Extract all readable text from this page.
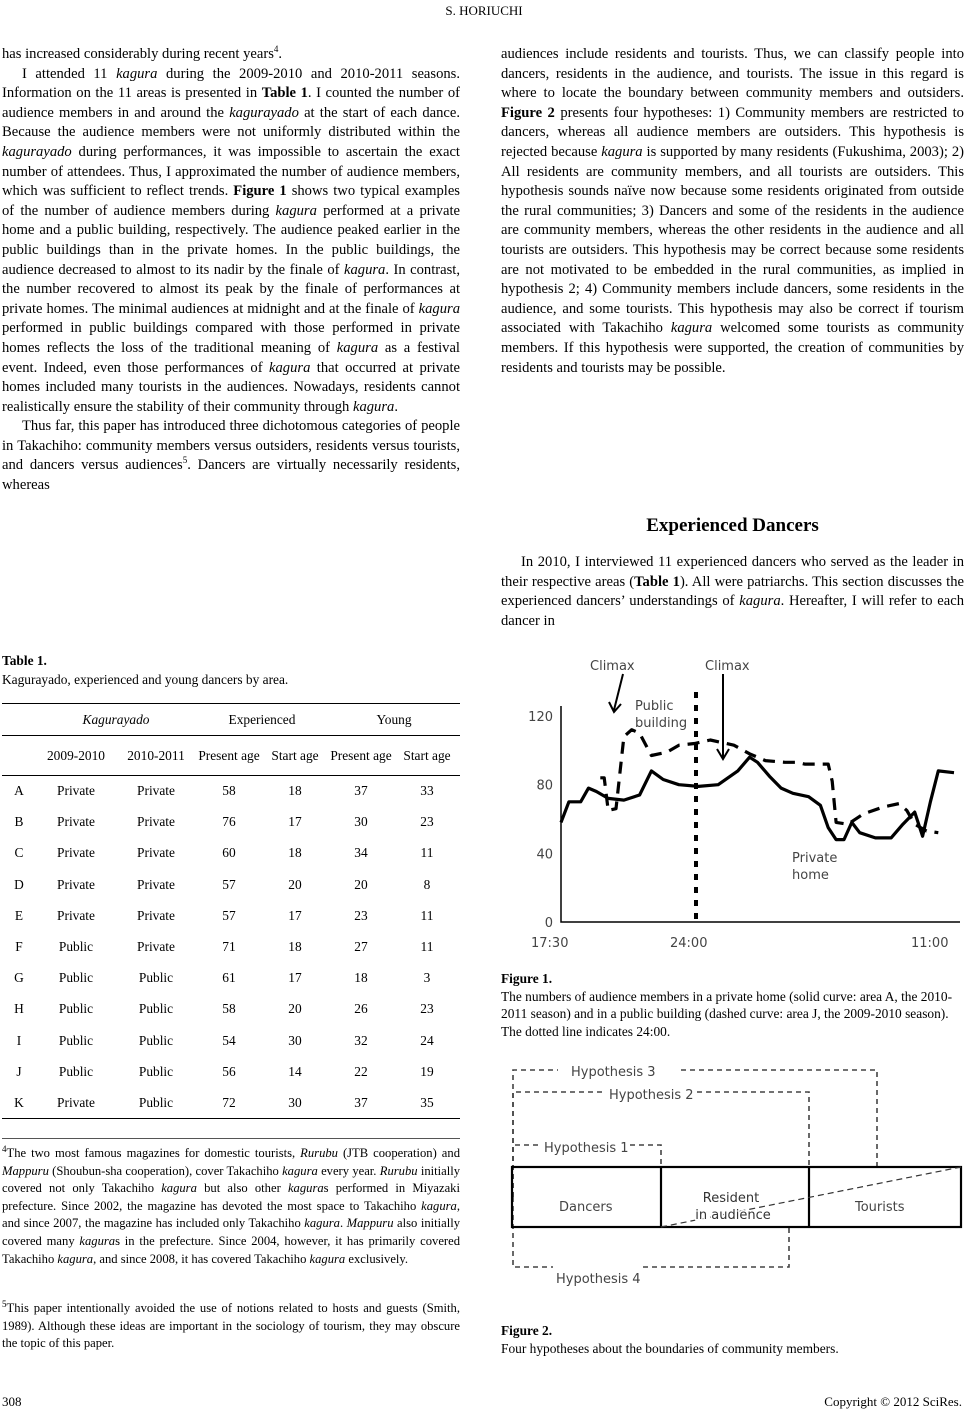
S. HORIUCHI

has increased considerably during recent years$^4$.

I attended 11 kagura during the 2009-2010 and 2010-2011 seasons. Information on the 11 areas is presented in Table 1. I counted the number of audience members in and around the kagurayado at the start of each dance. Because the audience members were not uniformly distributed within the kagurayado during performances, it was impossible to ascertain the exact number of attendees. Thus, I approximated the number of audience members, which was sufficient to reflect trends. Figure 1 shows two typical examples of the number of audience members during kagura performed at a private home and a public building, respectively. The audience peaked earlier in the public buildings than in the private homes. In the public buildings, the audience decreased to almost to its nadir by the finale of kagura. In contrast, the number recovered to almost its peak by the finale of performances at private homes. The minimal audiences at midnight and at the finale of kagura performed in public buildings compared with those performed in private homes reflects the loss of the traditional meaning of kagura as a festival event. Indeed, even those performances of kagura that occurred at private homes included many tourists in the audiences. Nowadays, residents cannot realistically ensure the stability of their community through kagura.

Thus far, this paper has introduced three dichotomous categories of people in Takachiho: community members versus outsiders, residents versus tourists, and dancers versus audiences$^5$. Dancers are virtually necessarily residents, whereas

Table 1.
Kagurayado, experienced and young dancers by area.
	Kagurayado		Experienced		Young	
	2009-2010	2010-2011	Present age	Start age	Present age	Start age
A	Private	Private	58	18	37	33
B	Private	Private	76	17	30	23
C	Private	Private	60	18	34	11
D	Private	Private	57	20	20	8
E	Private	Private	57	17	23	11
F	Public	Private	71	18	27	11
G	Public	Public	61	17	18	3
H	Public	Public	58	20	26	23
I	Public	Public	54	30	32	24
J	Public	Public	56	14	22	19
K	Private	Public	72	30	37	35
$^4$The two most famous magazines for domestic tourists, Rurubu (JTB cooperation) and Mappuru (Shoubun-sha cooperation), cover Takachiho kagura every year. Rurubu initially covered not only Takachiho kagura but also other kaguras performed in Miyazaki prefecture. Since 2002, the magazine has devoted the most space to Takachiho kagura, and since 2007, the magazine has included only Takachiho kagura. Mappuru also initially covered many kaguras in the prefecture. Since 2004, however, it has primarily covered Takachiho kagura, and since 2008, it has covered Takachiho kagura exclusively.
$^5$This paper intentionally avoided the use of notions related to hosts and guests (Smith, 1989). Although these ideas are important in the sociology of tourism, they may obscure the topic of this paper.

audiences include residents and tourists. Thus, we can classify people into dancers, residents in the audience, and tourists. The issue in this regard is where to locate the boundary between community members and outsiders. Figure 2 presents four hypotheses: 1) Community members are restricted to dancers, whereas all audience members are outsiders. This hypothesis is rejected because kagura is supported by many residents (Fukushima, 2003); 2) All residents are community members, and all tourists are outsiders. This hypothesis sounds naïve now because some residents originated from outside the rural communities; 3) Dancers and some of the residents in the audience are community members, whereas the other residents in the audience and all tourists are outsiders. This hypothesis may be correct because some residents are not motivated to be embedded in the rural communities, as implied in hypothesis 2; 4) Community members include dancers, some residents in the audience, and some tourists. This hypothesis may also be correct if tourism associated with Takachiho kagura welcomed some tourists as community members. If this hypothesis were supported, the creation of communities by residents and tourists may be possible.

Experienced Dancers

In 2010, I interviewed 11 experienced dancers who served as the leader in their respective areas (Table 1). All were patriarchs. This section discusses the experienced dancers’ understandings of kagura. Hereafter, I will refer to each dancer in

Climax	Climax
Public
building
Private
home
0
40
80
120
17:30	24:00	11:00
Figure 1.
The numbers of audience members in a private home (solid curve: area A, the 2010-2011 season) and in a public building (dashed curve: area J, the 2009-2010 season). The dotted line indicates 24:00.
Hypothesis 3
Hypothesis 2
Hypothesis 1
Hypothesis 4
Dancers
Resident
in audience
Tourists
Figure 2.
Four hypotheses about the boundaries of community members.
308	Copyright © 2012 SciRes.
